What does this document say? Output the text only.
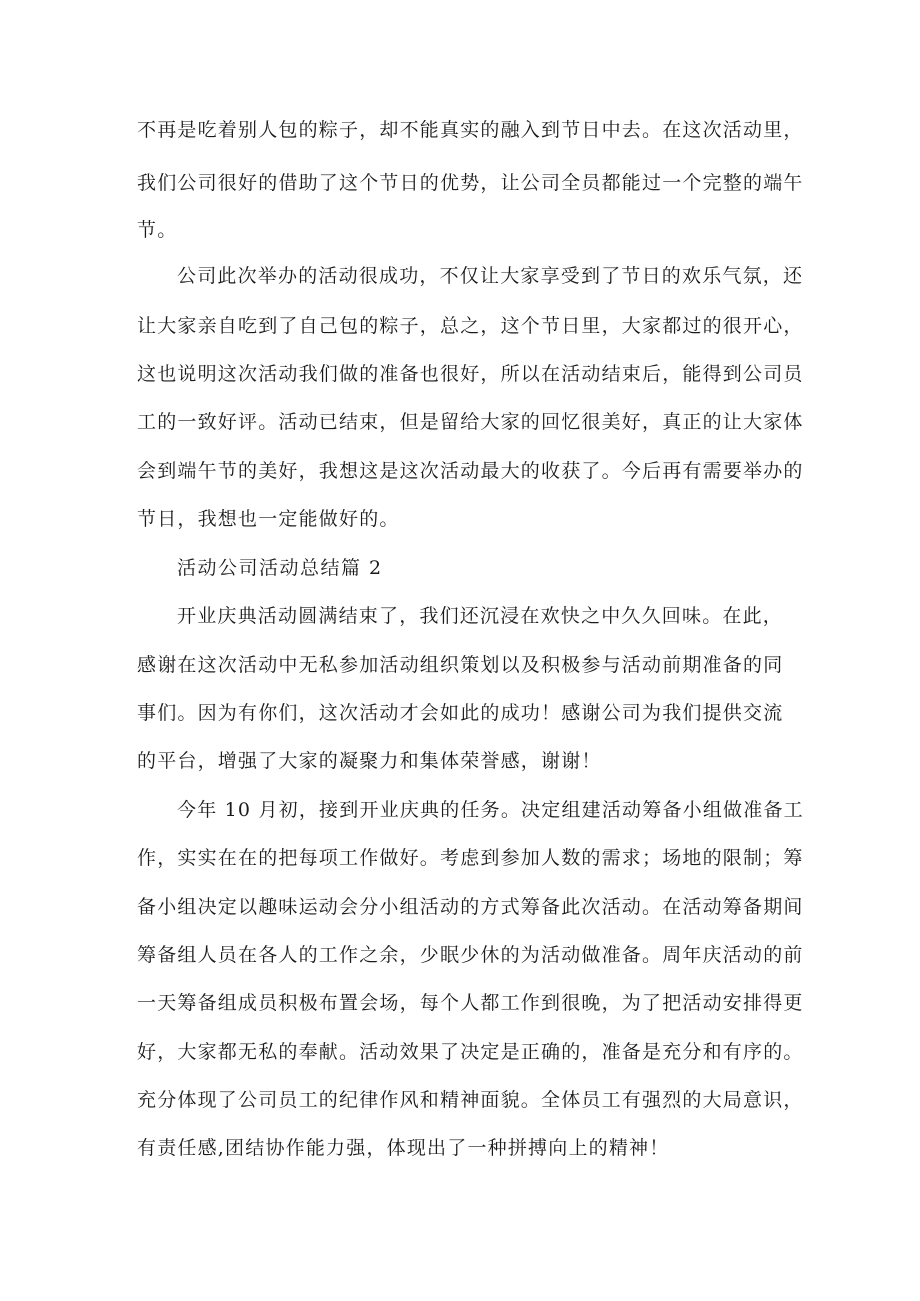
不再是吃着别人包的粽子，却不能真实的融入到节日中去。在这次活动里，
我们公司很好的借助了这个节日的优势，让公司全员都能过一个完整的端午
节。
公司此次举办的活动很成功，不仅让大家享受到了节日的欢乐气氛，还
让大家亲自吃到了自己包的粽子，总之，这个节日里，大家都过的很开心，
这也说明这次活动我们做的准备也很好，所以在活动结束后，能得到公司员
工的一致好评。活动已结束，但是留给大家的回忆很美好，真正的让大家体
会到端午节的美好，我想这是这次活动最大的收获了。今后再有需要举办的
节日，我想也一定能做好的。
活动公司活动总结篇 2
开业庆典活动圆满结束了，我们还沉浸在欢快之中久久回味。在此，
感谢在这次活动中无私参加活动组织策划以及积极参与活动前期准备的同
事们。因为有你们，这次活动才会如此的成功！感谢公司为我们提供交流
的平台，增强了大家的凝聚力和集体荣誉感，谢谢！
今年 10 月初，接到开业庆典的任务。决定组建活动筹备小组做准备工
作，实实在在的把每项工作做好。考虑到参加人数的需求；场地的限制；筹
备小组决定以趣味运动会分小组活动的方式筹备此次活动。在活动筹备期间
筹备组人员在各人的工作之余，少眠少休的为活动做准备。周年庆活动的前
一天筹备组成员积极布置会场，每个人都工作到很晚，为了把活动安排得更
好，大家都无私的奉献。活动效果了决定是正确的，准备是充分和有序的。
充分体现了公司员工的纪律作风和精神面貌。全体员工有强烈的大局意识，
有责任感,团结协作能力强，体现出了一种拼搏向上的精神！
